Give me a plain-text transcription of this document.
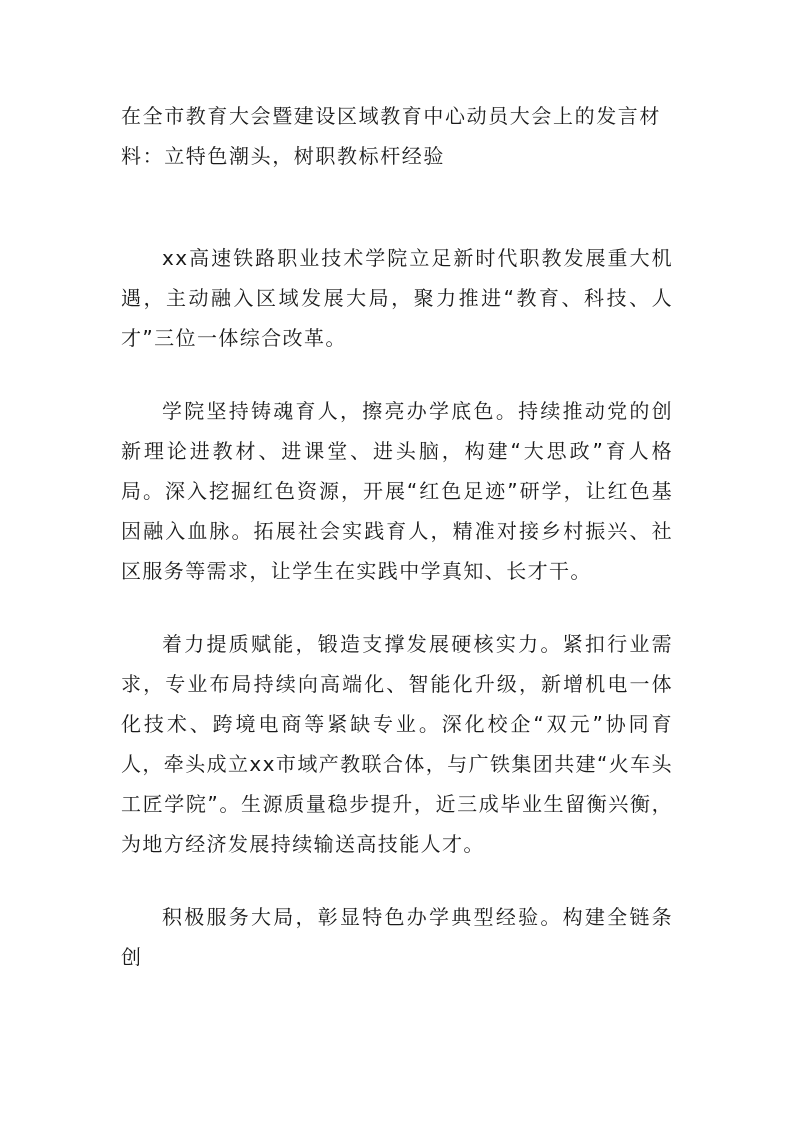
在全市教育大会暨建设区域教育中心动员大会上的发言材料：立特色潮头，树职教标杆经验

xx高速铁路职业技术学院立足新时代职教发展重大机遇，主动融入区域发展大局，聚力推进“教育、科技、人才”三位一体综合改革。

学院坚持铸魂育人，擦亮办学底色。持续推动党的创新理论进教材、进课堂、进头脑，构建“大思政”育人格局。深入挖掘红色资源，开展“红色足迹”研学，让红色基因融入血脉。拓展社会实践育人，精准对接乡村振兴、社区服务等需求，让学生在实践中学真知、长才干。

着力提质赋能，锻造支撑发展硬核实力。紧扣行业需求，专业布局持续向高端化、智能化升级，新增机电一体化技术、跨境电商等紧缺专业。深化校企“双元”协同育人，牵头成立xx市域产教联合体，与广铁集团共建“火车头工匠学院”。生源质量稳步提升，近三成毕业生留衡兴衡，为地方经济发展持续输送高技能人才。

积极服务大局，彰显特色办学典型经验。构建全链条创
